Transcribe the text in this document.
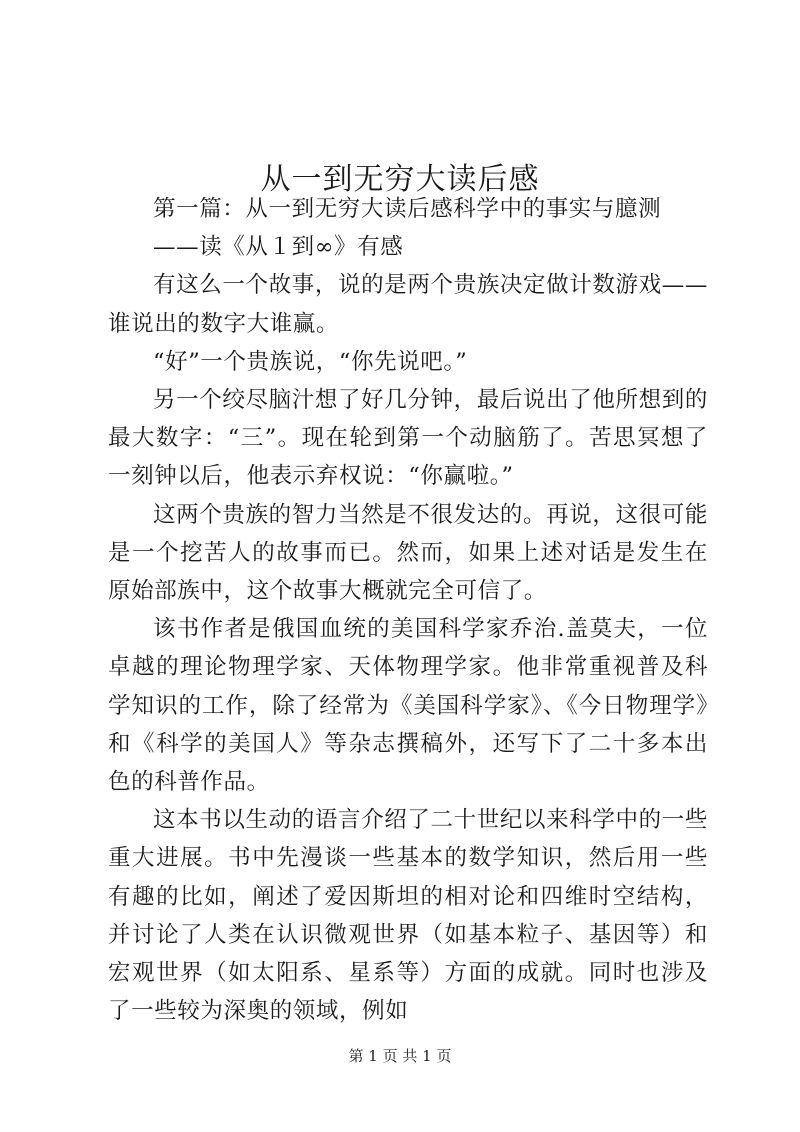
从一到无穷大读后感

第一篇：从一到无穷大读后感科学中的事实与臆测

——读《从１到∞》有感

有这么一个故事，说的是两个贵族决定做计数游戏——谁说出的数字大谁赢。

“好”一个贵族说，“你先说吧。”

另一个绞尽脑汁想了好几分钟，最后说出了他所想到的最大数字：“三”。现在轮到第一个动脑筋了。苦思冥想了一刻钟以后，他表示弃权说：“你赢啦。”

这两个贵族的智力当然是不很发达的。再说，这很可能是一个挖苦人的故事而已。然而，如果上述对话是发生在原始部族中，这个故事大概就完全可信了。

该书作者是俄国血统的美国科学家乔治.盖莫夫，一位卓越的理论物理学家、天体物理学家。他非常重视普及科学知识的工作，除了经常为《美国科学家》、《今日物理学》和《科学的美国人》等杂志撰稿外，还写下了二十多本出色的科普作品。

这本书以生动的语言介绍了二十世纪以来科学中的一些重大进展。书中先漫谈一些基本的数学知识，然后用一些有趣的比如，阐述了爱因斯坦的相对论和四维时空结构，并讨论了人类在认识微观世界（如基本粒子、基因等）和宏观世界（如太阳系、星系等）方面的成就。同时也涉及了一些较为深奥的领域，例如

第 1 页 共 1 页
